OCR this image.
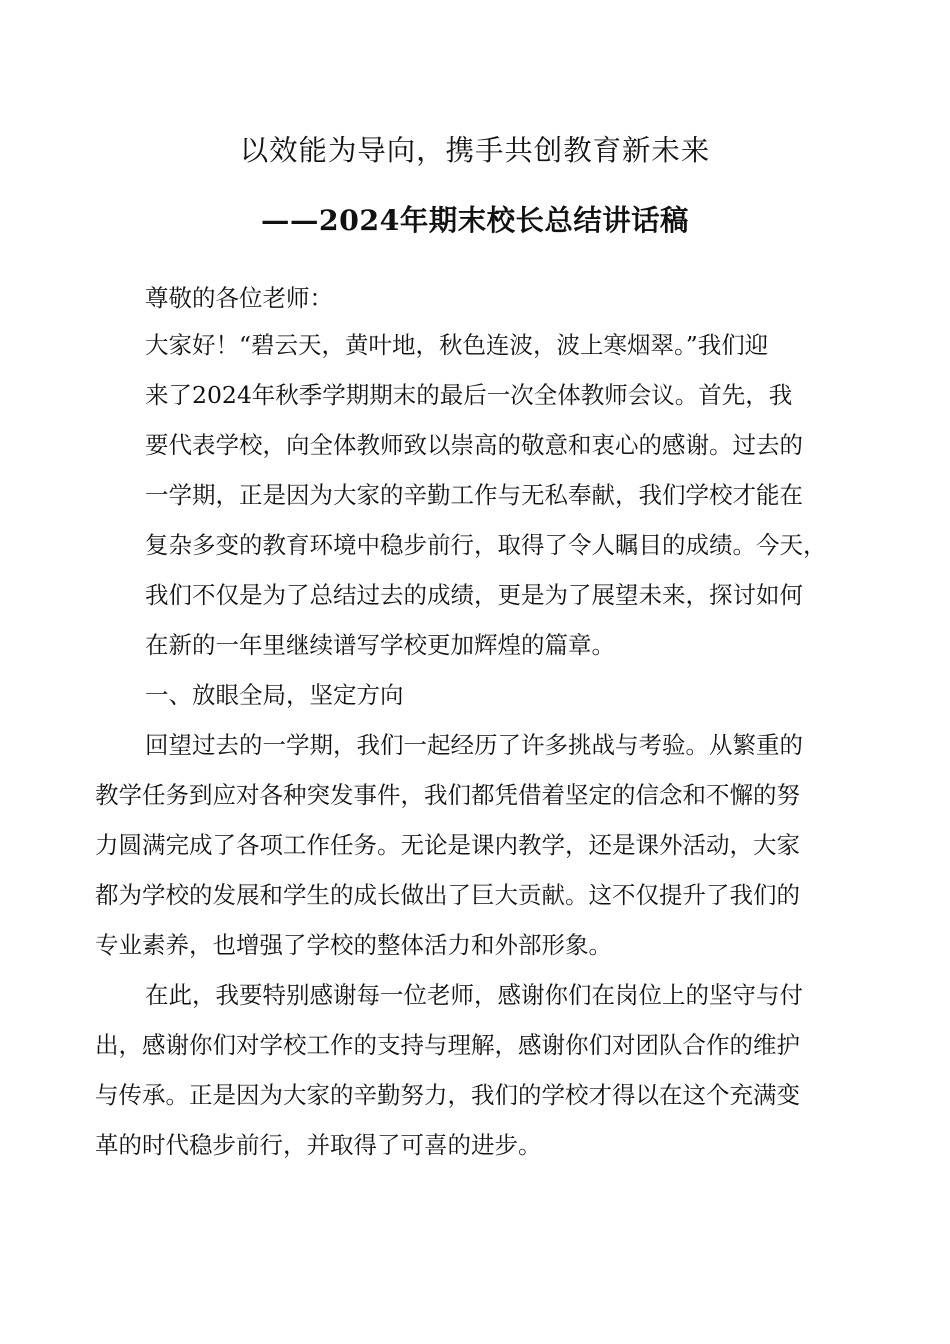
以效能为导向，携手共创教育新未来
——2024年期末校长总结讲话稿

尊敬的各位老师：

大家好！“碧云天，黄叶地，秋色连波，波上寒烟翠。”我们迎

来了2024年秋季学期期末的最后一次全体教师会议。首先，我

要代表学校，向全体教师致以崇高的敬意和衷心的感谢。过去的

一学期，正是因为大家的辛勤工作与无私奉献，我们学校才能在

复杂多变的教育环境中稳步前行，取得了令人瞩目的成绩。今天，

我们不仅是为了总结过去的成绩，更是为了展望未来，探讨如何

在新的一年里继续谱写学校更加辉煌的篇章。

一、放眼全局，坚定方向

回望过去的一学期，我们一起经历了许多挑战与考验。从繁重的

教学任务到应对各种突发事件，我们都凭借着坚定的信念和不懈的努

力圆满完成了各项工作任务。无论是课内教学，还是课外活动，大家

都为学校的发展和学生的成长做出了巨大贡献。这不仅提升了我们的

专业素养，也增强了学校的整体活力和外部形象。

在此，我要特别感谢每一位老师，感谢你们在岗位上的坚守与付

出，感谢你们对学校工作的支持与理解，感谢你们对团队合作的维护

与传承。正是因为大家的辛勤努力，我们的学校才得以在这个充满变

革的时代稳步前行，并取得了可喜的进步。
